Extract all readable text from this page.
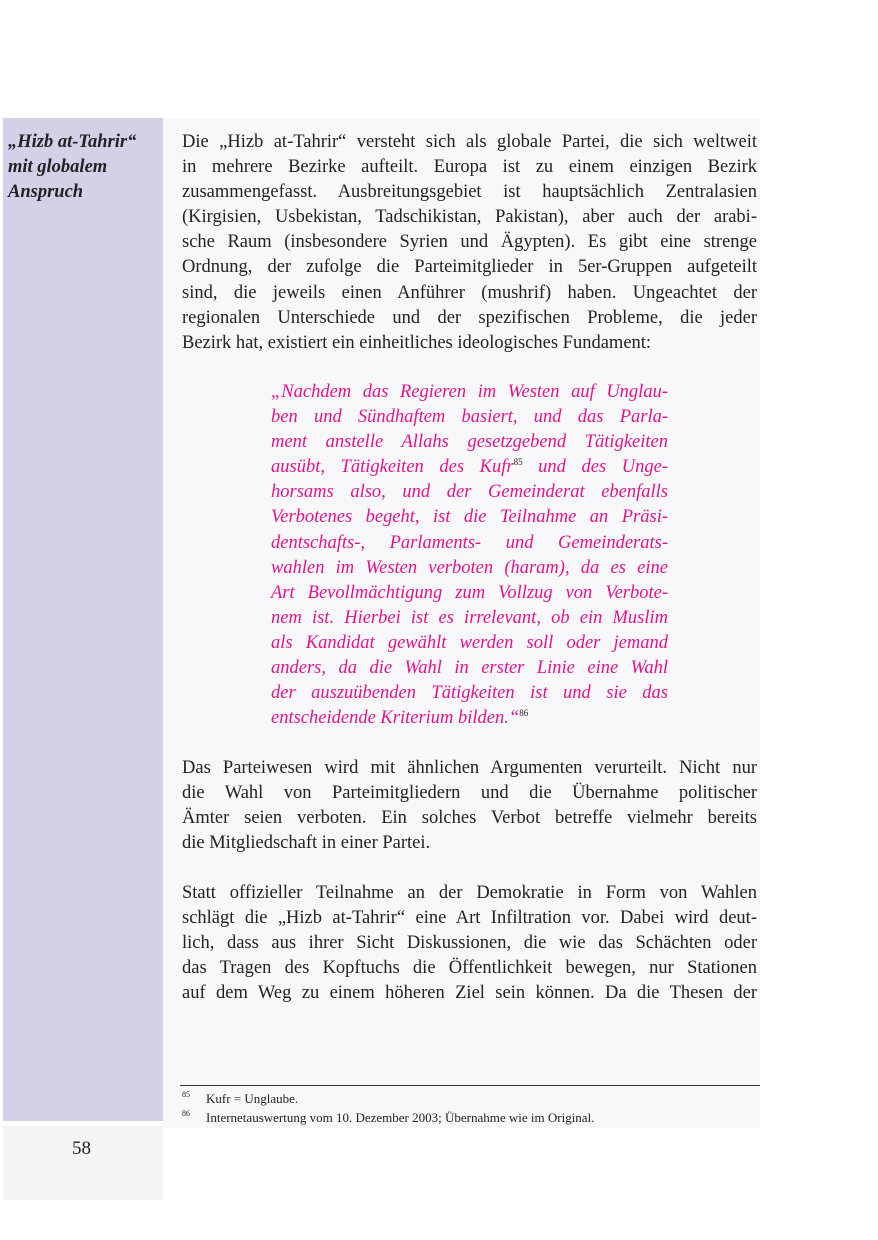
„Hizb at-Tahrir“
mit globalem
Anspruch
58
Die „Hizb at-Tahrir“ versteht sich als globale Partei, die sich weltweit
in mehrere Bezirke aufteilt. Europa ist zu einem einzigen Bezirk
zusammengefasst. Ausbreitungsgebiet ist hauptsächlich Zentralasien
(Kirgisien, Usbekistan, Tadschikistan, Pakistan), aber auch der arabi-
sche Raum (insbesondere Syrien und Ägypten). Es gibt eine strenge
Ordnung, der zufolge die Parteimitglieder in 5er-Gruppen aufgeteilt
sind, die jeweils einen Anführer (mushrif) haben. Ungeachtet der
regionalen Unterschiede und der spezifischen Probleme, die jeder
Bezirk hat, existiert ein einheitliches ideologisches Fundament:
„Nachdem das Regieren im Westen auf Unglau-
ben und Sündhaftem basiert, und das Parla-
ment anstelle Allahs gesetzgebend Tätigkeiten
ausübt, Tätigkeiten des Kufr$^{85}$ und des Unge-
horsams also, und der Gemeinderat ebenfalls
Verbotenes begeht, ist die Teilnahme an Präsi-
dentschafts-, Parlaments- und Gemeinderats-
wahlen im Westen verboten (haram), da es eine
Art Bevollmächtigung zum Vollzug von Verbote-
nem ist. Hierbei ist es irrelevant, ob ein Muslim
als Kandidat gewählt werden soll oder jemand
anders, da die Wahl in erster Linie eine Wahl
der auszuübenden Tätigkeiten ist und sie das
entscheidende Kriterium bilden.“$^{86}$
Das Parteiwesen wird mit ähnlichen Argumenten verurteilt. Nicht nur
die Wahl von Parteimitgliedern und die Übernahme politischer
Ämter seien verboten. Ein solches Verbot betreffe vielmehr bereits
die Mitgliedschaft in einer Partei.
Statt offizieller Teilnahme an der Demokratie in Form von Wahlen
schlägt die „Hizb at-Tahrir“ eine Art Infiltration vor. Dabei wird deut-
lich, dass aus ihrer Sicht Diskussionen, die wie das Schächten oder
das Tragen des Kopftuchs die Öffentlichkeit bewegen, nur Stationen
auf dem Weg zu einem höheren Ziel sein können. Da die Thesen der
85	Kufr = Unglaube.
86	Internetauswertung vom 10. Dezember 2003; Übernahme wie im Original.
